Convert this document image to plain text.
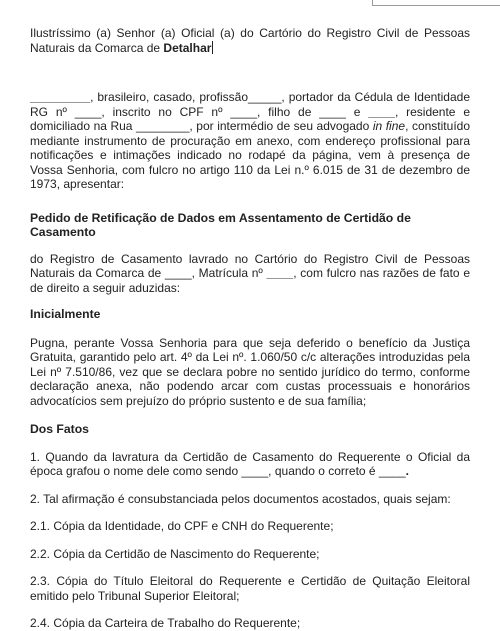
Ilustríssimo (a) Senhor (a) Oficial (a) do Cartório do Registro Civil de Pessoas Naturais da Comarca de Detalhar

_________, brasileiro, casado, profissão_____, portador da Cédula de Identidade RG nº ____, inscrito no CPF nº ____, filho de ____ e ____, residente e domiciliado na Rua ________, por intermédio de seu advogado in fine, constituído mediante instrumento de procuração em anexo, com endereço profissional para notificações e intimações indicado no rodapé da página, vem à presença de Vossa Senhoria, com fulcro no artigo 110 da Lei n.º 6.015 de 31 de dezembro de 1973, apresentar:

Pedido de Retificação de Dados em Assentamento de Certidão de Casamento

do Registro de Casamento lavrado no Cartório do Registro Civil de Pessoas Naturais da Comarca de ____, Matrícula nº ____, com fulcro nas razões de fato e de direito a seguir aduzidas:

Inicialmente

Pugna, perante Vossa Senhoria para que seja deferido o benefício da Justiça Gratuita, garantido pelo art. 4º da Lei nº. 1.060/50 c/c alterações introduzidas pela Lei nº 7.510/86, vez que se declara pobre no sentido jurídico do termo, conforme declaração anexa, não podendo arcar com custas processuais e honorários advocatícios sem prejuízo do próprio sustento e de sua família;

Dos Fatos

1. Quando da lavratura da Certidão de Casamento do Requerente o Oficial da época grafou o nome dele como sendo ____, quando o correto é ____.

2. Tal afirmação é consubstanciada pelos documentos acostados, quais sejam:

2.1. Cópia da Identidade, do CPF e CNH do Requerente;

2.2. Cópia da Certidão de Nascimento do Requerente;

2.3. Cópia do Título Eleitoral do Requerente e Certidão de Quitação Eleitoral emitido pelo Tribunal Superior Eleitoral;

2.4. Cópia da Carteira de Trabalho do Requerente;
